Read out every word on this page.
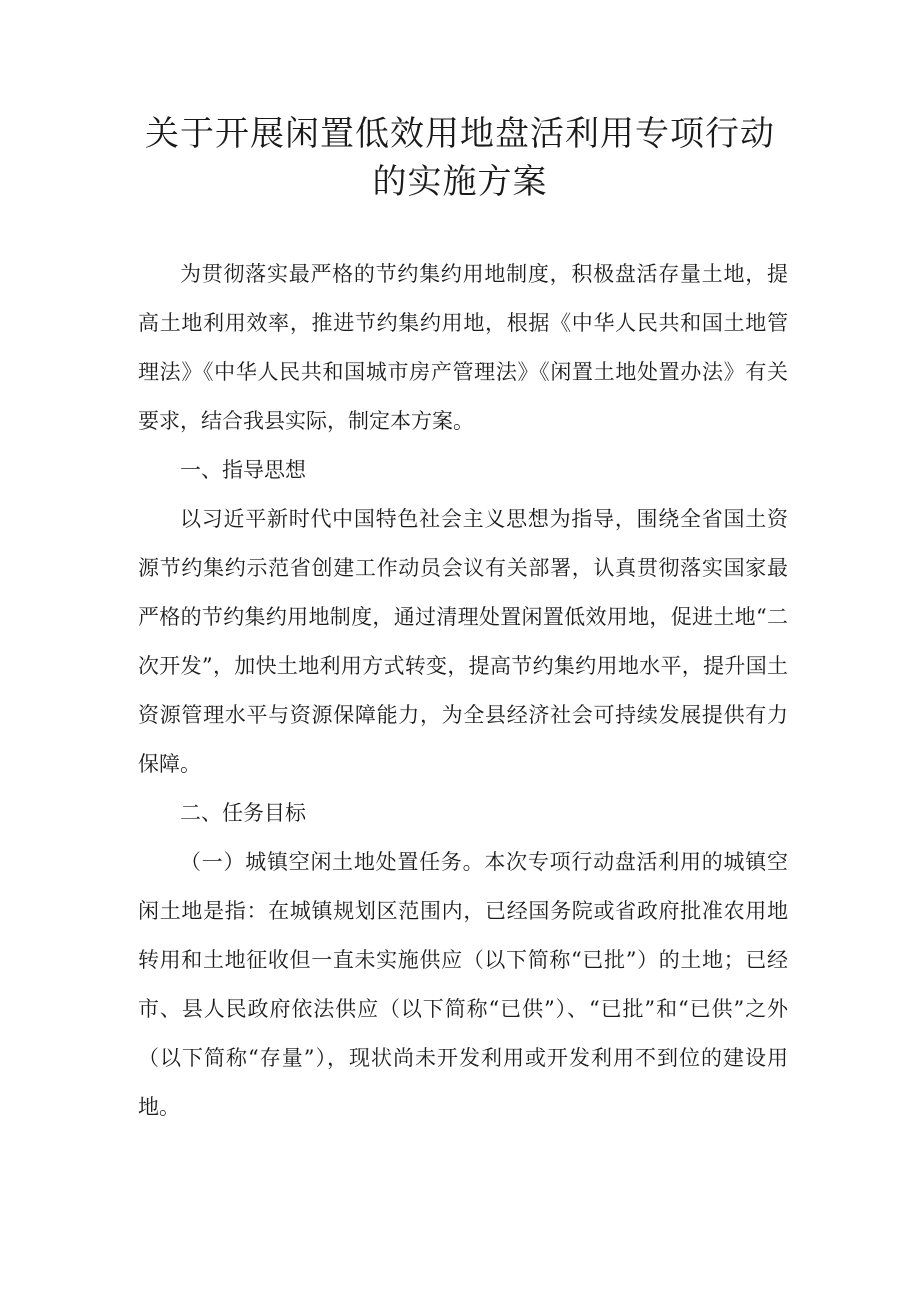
关于开展闲置低效用地盘活利用专项行动
的实施方案

为贯彻落实最严格的节约集约用地制度，积极盘活存量土地，提高土地利用效率，推进节约集约用地，根据《中华人民共和国土地管理法》《中华人民共和国城市房产管理法》《闲置土地处置办法》有关要求，结合我县实际，制定本方案。

一、指导思想

以习近平新时代中国特色社会主义思想为指导，围绕全省国土资源节约集约示范省创建工作动员会议有关部署，认真贯彻落实国家最严格的节约集约用地制度，通过清理处置闲置低效用地，促进土地“二次开发”，加快土地利用方式转变，提高节约集约用地水平，提升国土资源管理水平与资源保障能力，为全县经济社会可持续发展提供有力保障。

二、任务目标

（一）城镇空闲土地处置任务。本次专项行动盘活利用的城镇空闲土地是指：在城镇规划区范围内，已经国务院或省政府批准农用地转用和土地征收但一直未实施供应（以下简称“已批”）的土地；已经市、县人民政府依法供应（以下简称“已供”）、“已批”和“已供”之外（以下简称“存量”），现状尚未开发利用或开发利用不到位的建设用地。
